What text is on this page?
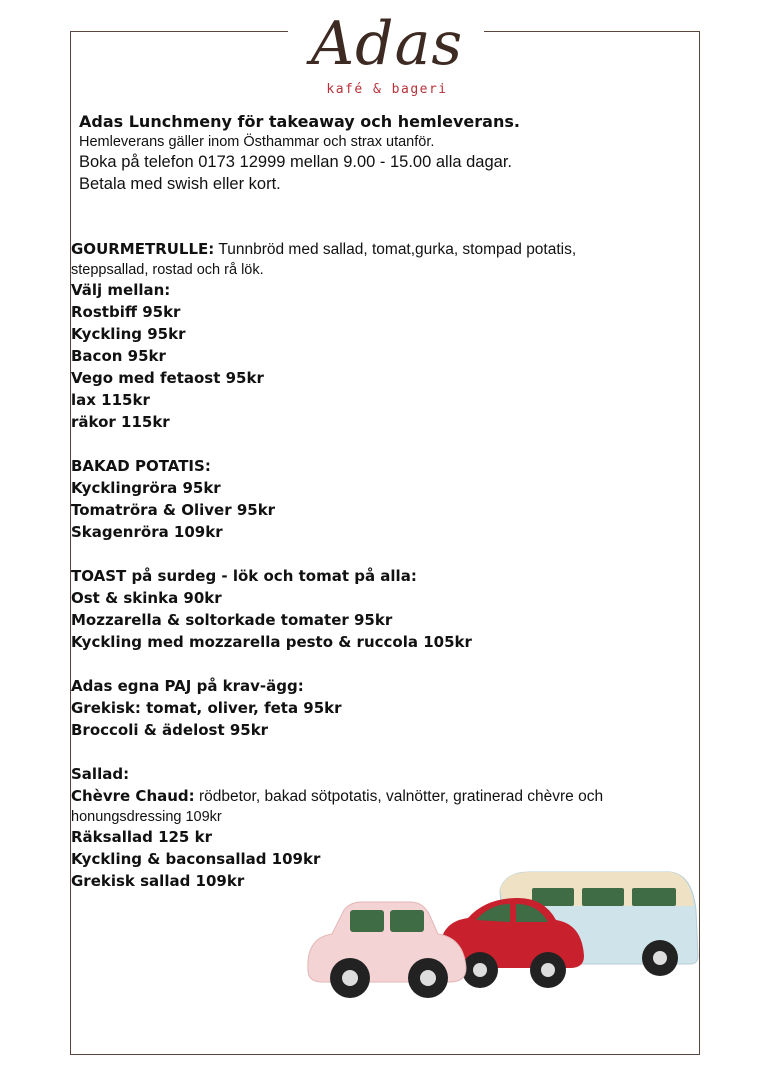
Adas
kafé & bageri
Adas Lunchmeny för takeaway och hemleverans.
Hemleverans gäller inom Östhammar och strax utanför.
Boka på telefon 0173 12999 mellan 9.00 - 15.00 alla dagar.
Betala med swish eller kort.
GOURMETRULLE: Tunnbröd med sallad, tomat,gurka, stompad potatis,
steppsallad, rostad och rå lök.
Välj mellan:
Rostbiff 95kr
Kyckling 95kr
Bacon 95kr
Vego med fetaost 95kr
lax 115kr
räkor 115kr
BAKAD POTATIS:
Kycklingröra 95kr
Tomatröra & Oliver 95kr
Skagenröra 109kr
TOAST på surdeg - lök och tomat på alla:
Ost & skinka 90kr
Mozzarella & soltorkade tomater 95kr
Kyckling med mozzarella pesto & ruccola 105kr
Adas egna PAJ på krav-ägg:
Grekisk: tomat, oliver, feta 95kr
Broccoli & ädelost 95kr
Sallad:
Chèvre Chaud: rödbetor, bakad sötpotatis, valnötter, gratinerad chèvre och
honungsdressing 109kr
Räksallad 125 kr
Kyckling & baconsallad 109kr
Grekisk sallad 109kr
